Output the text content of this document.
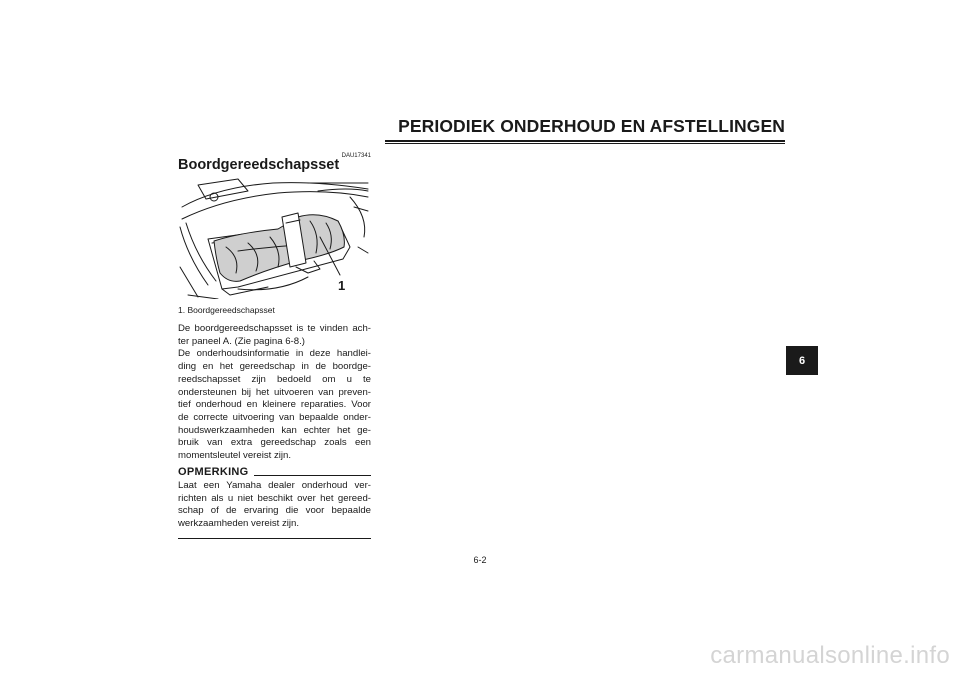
PERIODIEK ONDERHOUD EN AFSTELLINGEN
DAU17341
Boordgereedschapsset
1
1. Boordgereedschapsset
De boordgereedschapsset is te vinden ach-
ter paneel A. (Zie pagina 6-8.)
De onderhoudsinformatie in deze handlei-
ding en het gereedschap in de boordge-
reedschapsset zijn bedoeld om u te
ondersteunen bij het uitvoeren van preven-
tief onderhoud en kleinere reparaties. Voor
de correcte uitvoering van bepaalde onder-
houdswerkzaamheden kan echter het ge-
bruik van extra gereedschap zoals een
momentsleutel vereist zijn.
OPMERKING
Laat een Yamaha dealer onderhoud ver-
richten als u niet beschikt over het gereed-
schap of de ervaring die voor bepaalde
werkzaamheden vereist zijn.
6-2
6
carmanualsonline.info
